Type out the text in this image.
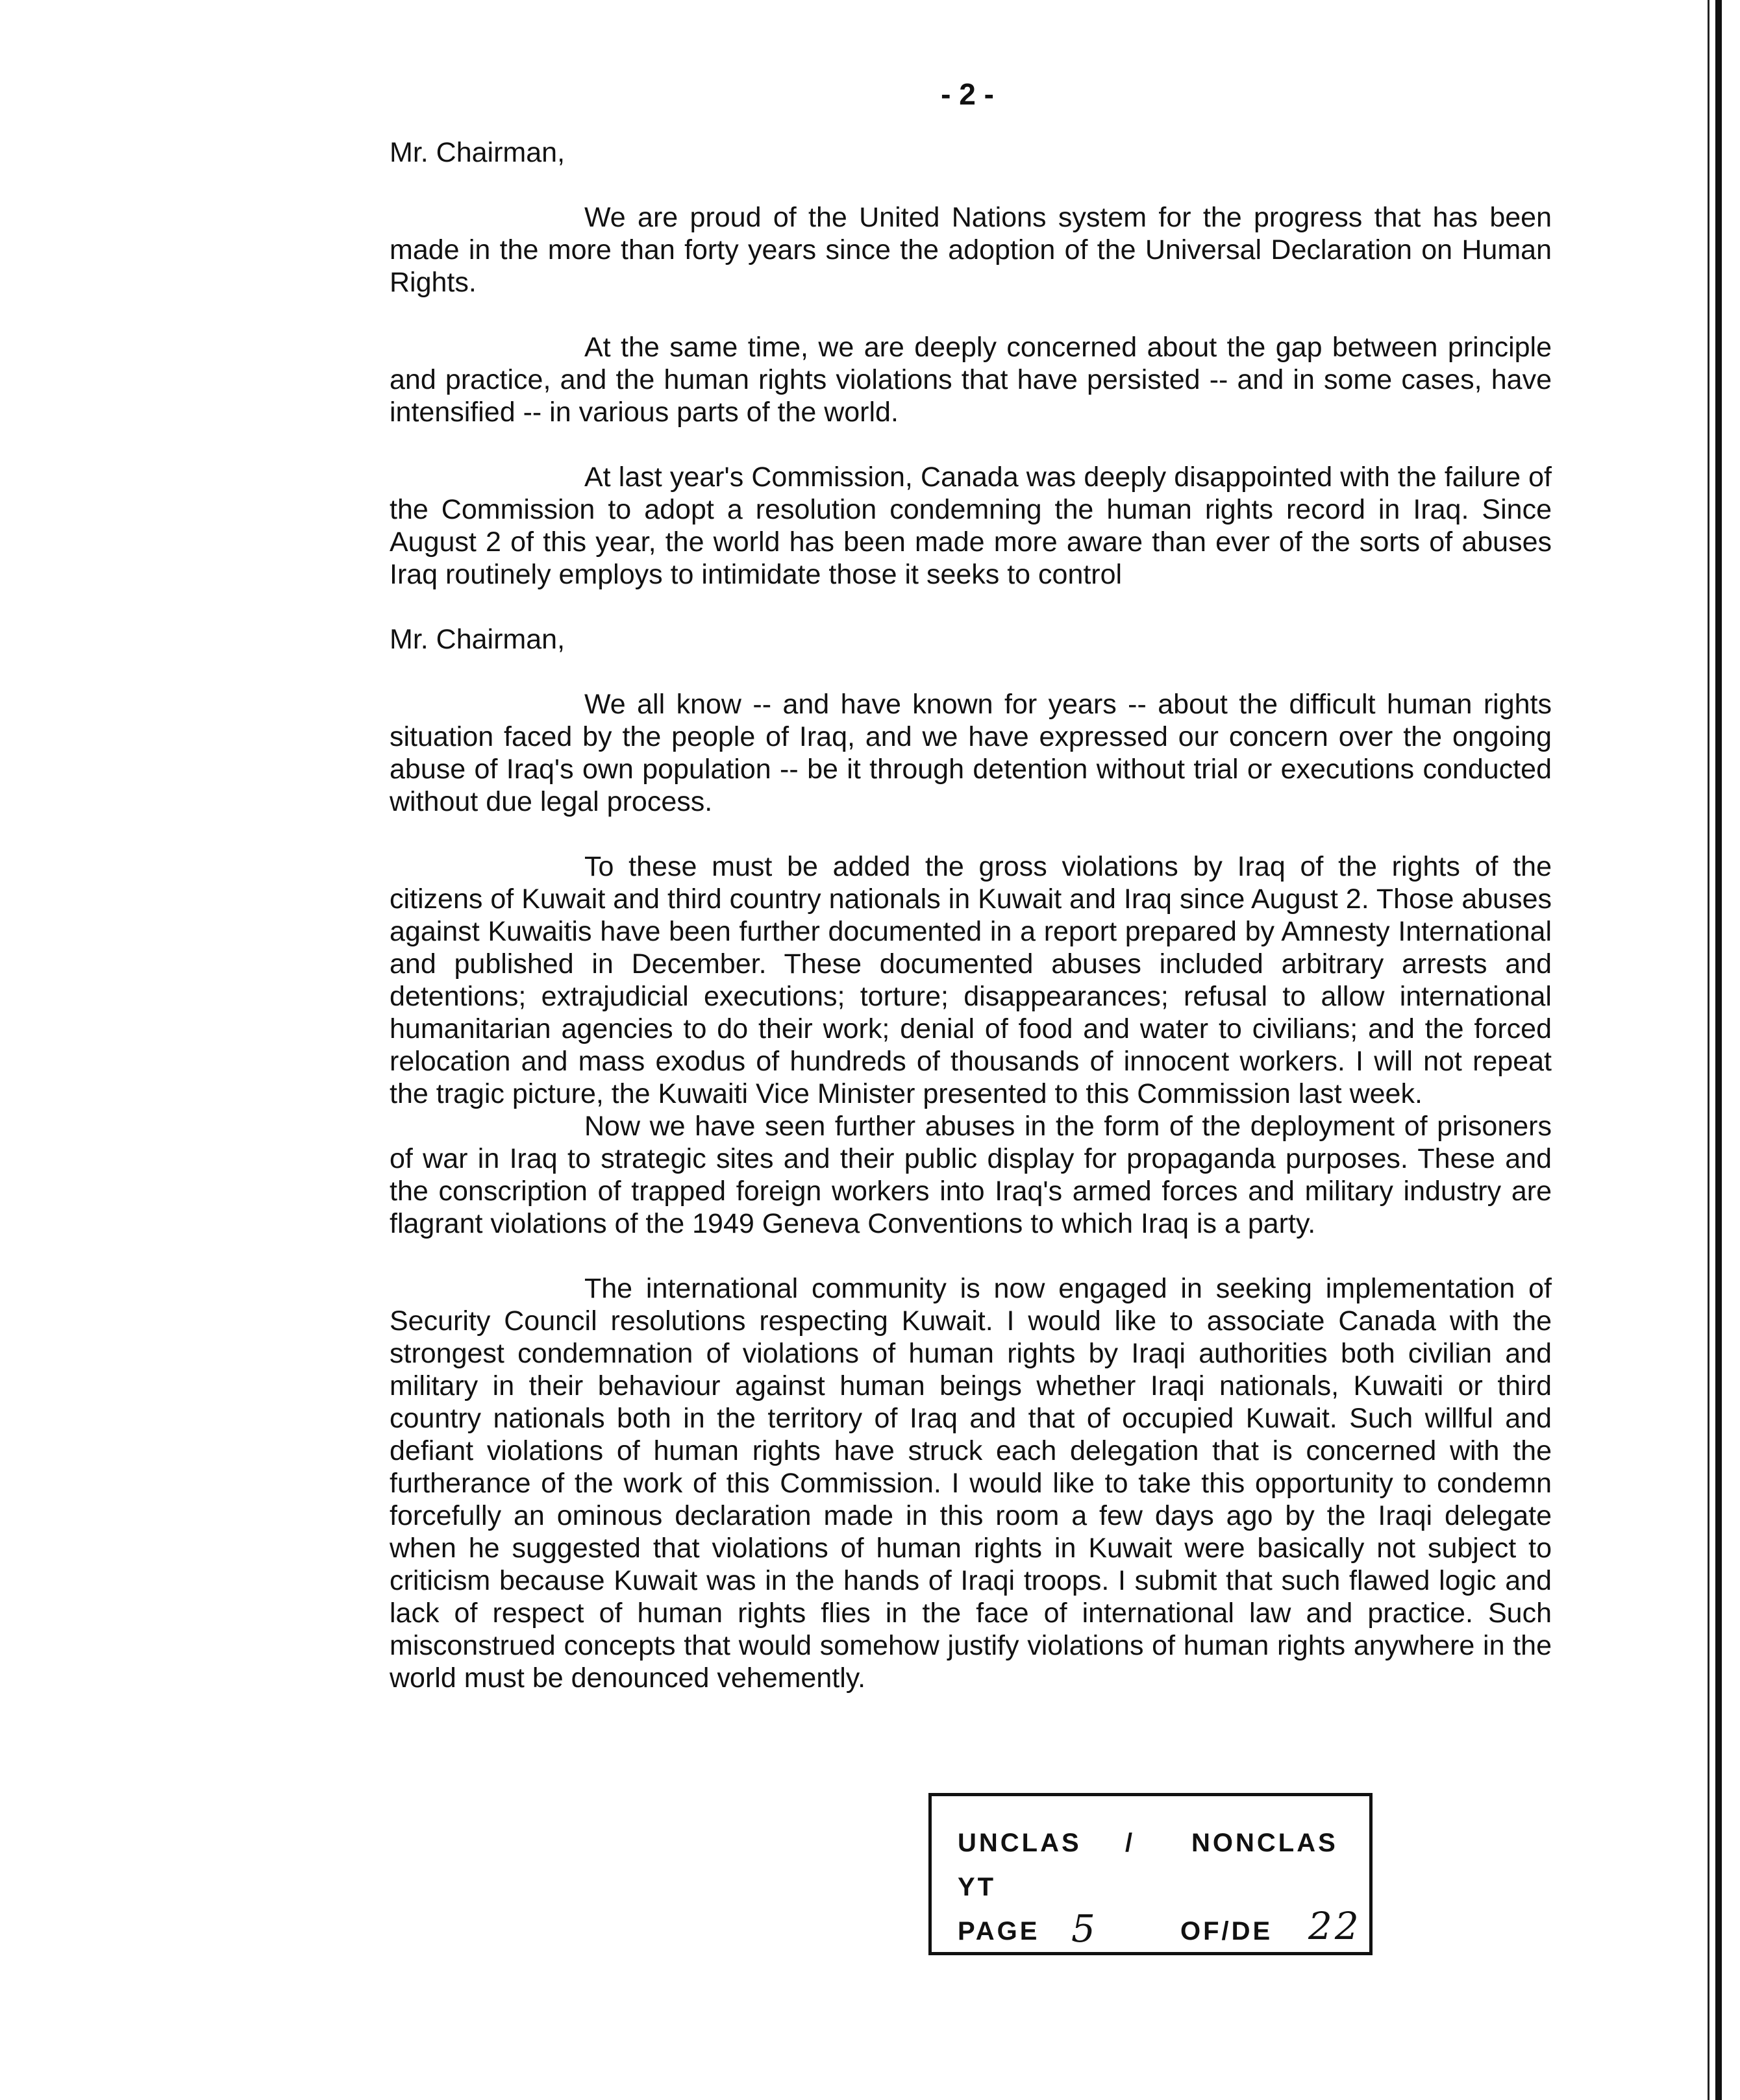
- 2 -

Mr. Chairman,

We are proud of the United Nations system for the progress that has been made in the more than forty years since the adoption of the Universal Declaration on Human Rights.

At the same time, we are deeply concerned about the gap between principle and practice, and the human rights violations that have persisted -- and in some cases, have intensified -- in various parts of the world.

At last year's Commission, Canada was deeply disappointed with the failure of the Commission to adopt a resolution condemning the human rights record in Iraq. Since August 2 of this year, the world has been made more aware than ever of the sorts of abuses Iraq routinely employs to intimidate those it seeks to control

Mr. Chairman,

We all know -- and have known for years -- about the difficult human rights situation faced by the people of Iraq, and we have expressed our concern over the ongoing abuse of Iraq's own population -- be it through detention without trial or executions conducted without due legal process.

To these must be added the gross violations by Iraq of the rights of the citizens of Kuwait and third country nationals in Kuwait and Iraq since August 2. Those abuses against Kuwaitis have been further documented in a report prepared by Amnesty International and published in December. These documented abuses included arbitrary arrests and detentions; extrajudicial executions; torture; disappearances; refusal to allow international humanitarian agencies to do their work; denial of food and water to civilians; and the forced relocation and mass exodus of hundreds of thousands of innocent workers. I will not repeat the tragic picture, the Kuwaiti Vice Minister presented to this Commission last week.

Now we have seen further abuses in the form of the deployment of prisoners of war in Iraq to strategic sites and their public display for propaganda purposes. These and the conscription of trapped foreign workers into Iraq's armed forces and military industry are flagrant violations of the 1949 Geneva Conventions to which Iraq is a party.

The international community is now engaged in seeking implementation of Security Council resolutions respecting Kuwait. I would like to associate Canada with the strongest condemnation of violations of human rights by Iraqi authorities both civilian and military in their behaviour against human beings whether Iraqi nationals, Kuwaiti or third country nationals both in the territory of Iraq and that of occupied Kuwait. Such willful and defiant violations of human rights have struck each delegation that is concerned with the furtherance of the work of this Commission. I would like to take this opportunity to condemn forcefully an ominous declaration made in this room a few days ago by the Iraqi delegate when he suggested that violations of human rights in Kuwait were basically not subject to criticism because Kuwait was in the hands of Iraqi troops. I submit that such flawed logic and lack of respect of human rights flies in the face of international law and practice. Such misconstrued concepts that would somehow justify violations of human rights anywhere in the world must be denounced vehemently.

UNCLAS / NONCLAS
YT
PAGE 5	OF/DE 22
